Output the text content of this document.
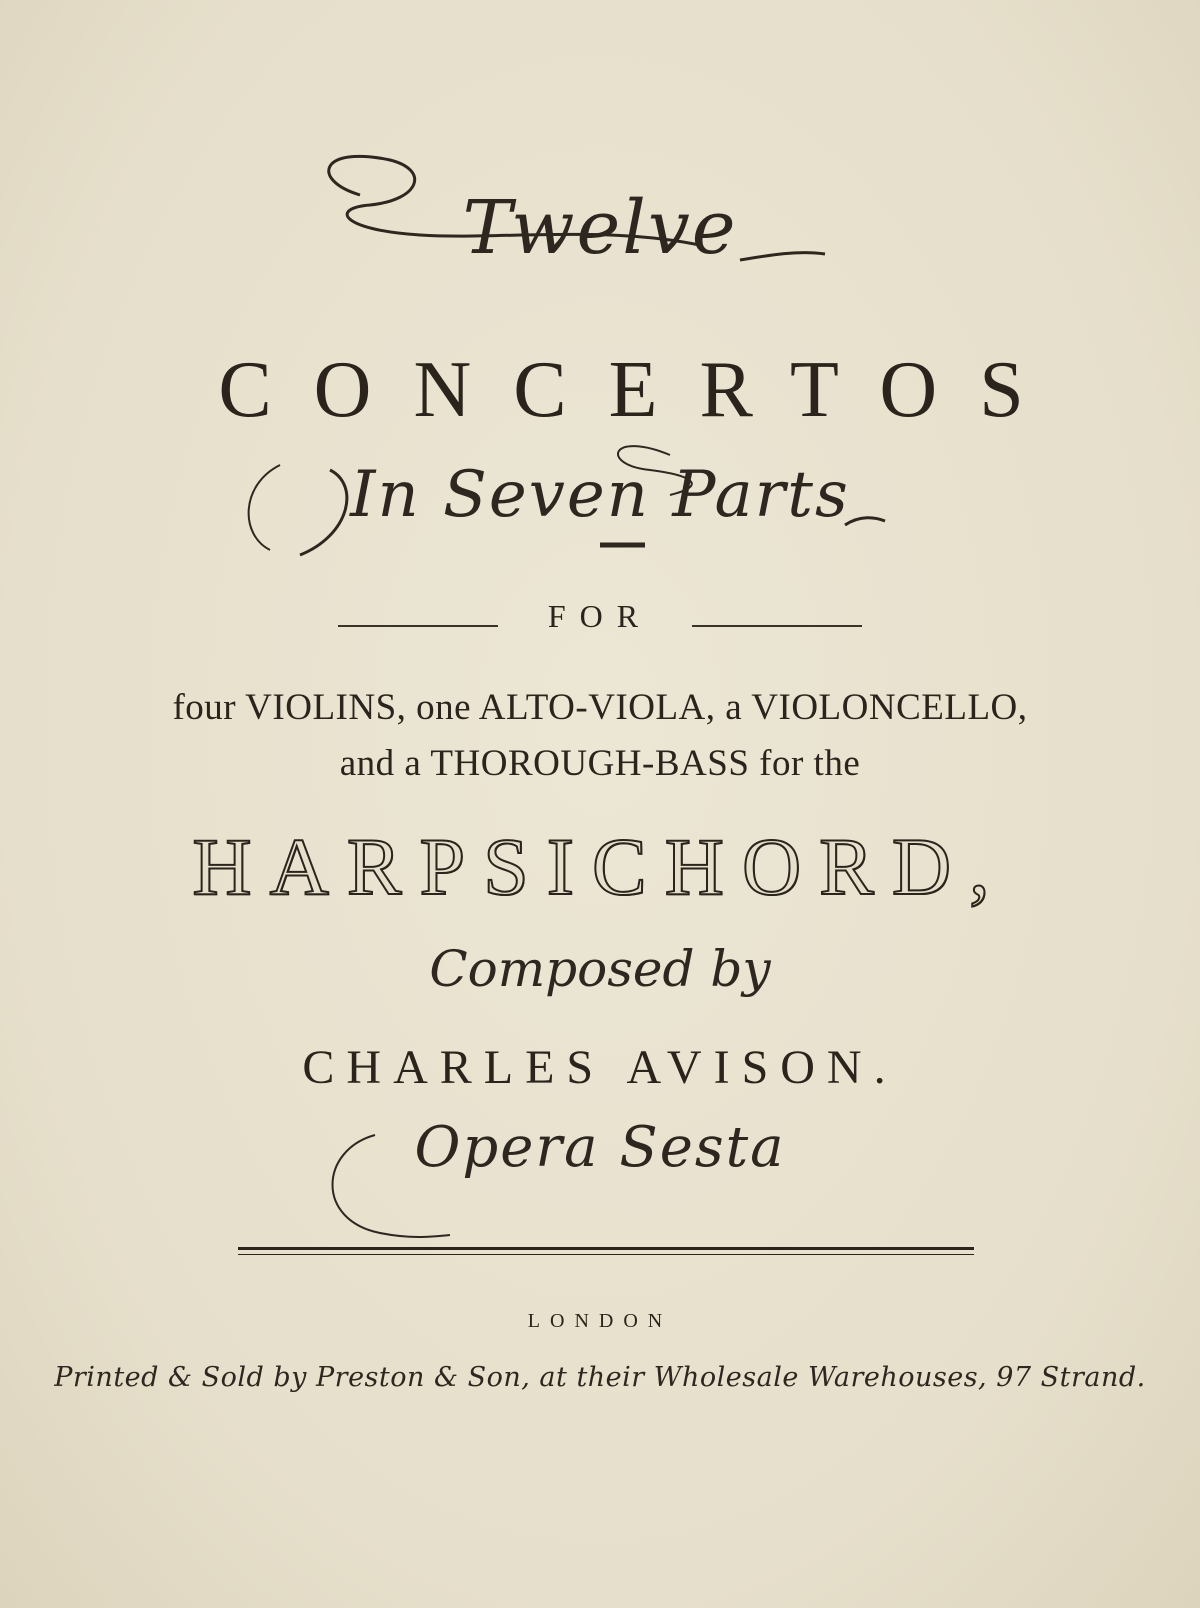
Twelve
CONCERTOS
In Seven Parts
FOR
four VIOLINS, one ALTO-VIOLA, a VIOLONCELLO,
and a THOROUGH-BASS for the
HARPSICHORD,
Composed by
CHARLES AVISON.
Opera Sesta
LONDON
Printed & Sold by Preston & Son, at their Wholesale Warehouses, 97 Strand.
